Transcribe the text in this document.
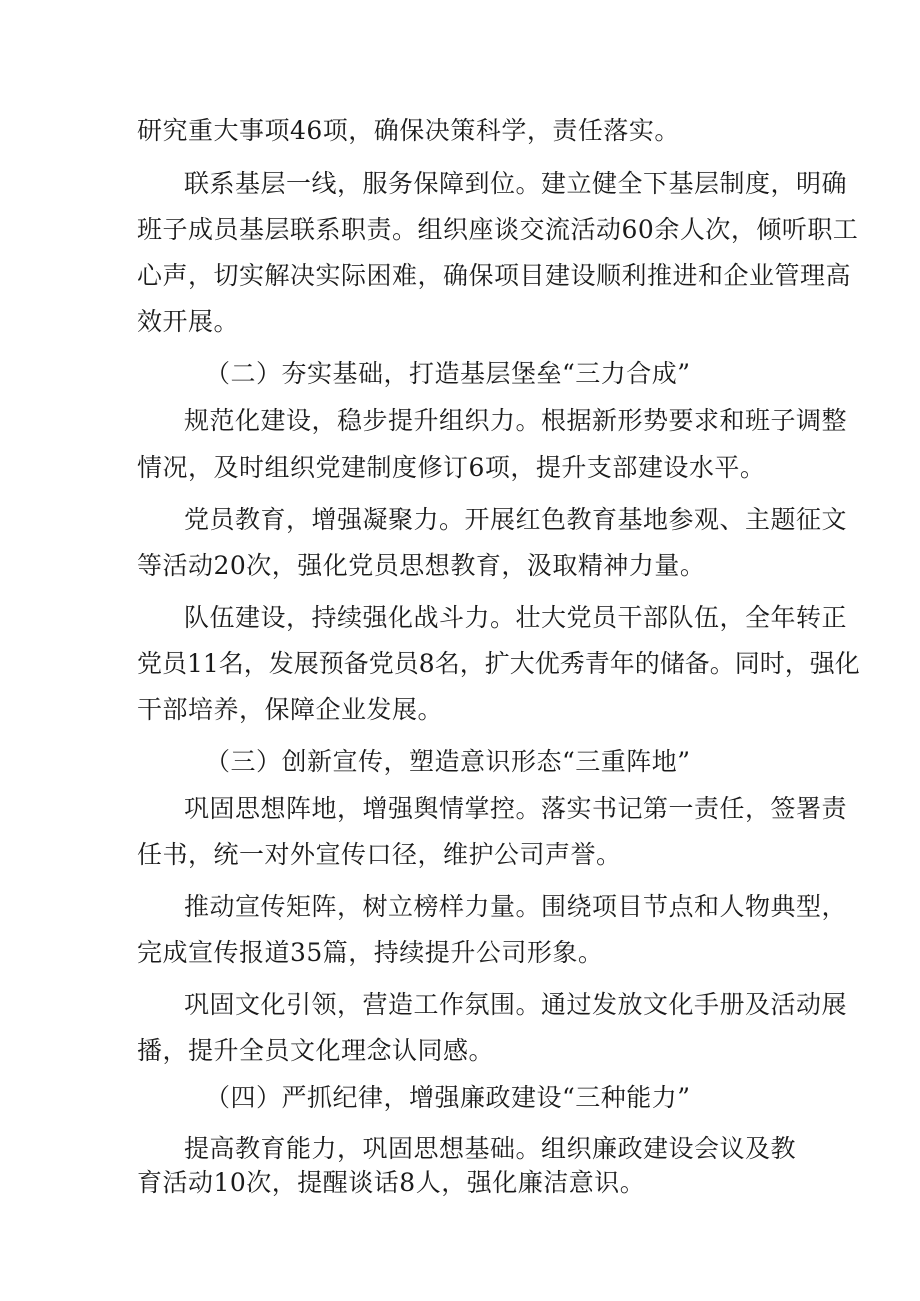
研究重大事项46项，确保决策科学，责任落实。
联系基层一线，服务保障到位。建立健全下基层制度，明确
班子成员基层联系职责。组织座谈交流活动60余人次，倾听职工
心声，切实解决实际困难，确保项目建设顺利推进和企业管理高
效开展。
（二）夯实基础，打造基层堡垒“三力合成”
规范化建设，稳步提升组织力。根据新形势要求和班子调整
情况，及时组织党建制度修订6项，提升支部建设水平。
党员教育，增强凝聚力。开展红色教育基地参观、主题征文
等活动20次，强化党员思想教育，汲取精神力量。
队伍建设，持续强化战斗力。壮大党员干部队伍，全年转正
党员11名，发展预备党员8名，扩大优秀青年的储备。同时，强化
干部培养，保障企业发展。
（三）创新宣传，塑造意识形态“三重阵地”
巩固思想阵地，增强舆情掌控。落实书记第一责任，签署责
任书，统一对外宣传口径，维护公司声誉。
推动宣传矩阵，树立榜样力量。围绕项目节点和人物典型，
完成宣传报道35篇，持续提升公司形象。
巩固文化引领，营造工作氛围。通过发放文化手册及活动展
播，提升全员文化理念认同感。
（四）严抓纪律，增强廉政建设“三种能力”
提高教育能力，巩固思想基础。组织廉政建设会议及教
育活动10次，提醒谈话8人，强化廉洁意识。
